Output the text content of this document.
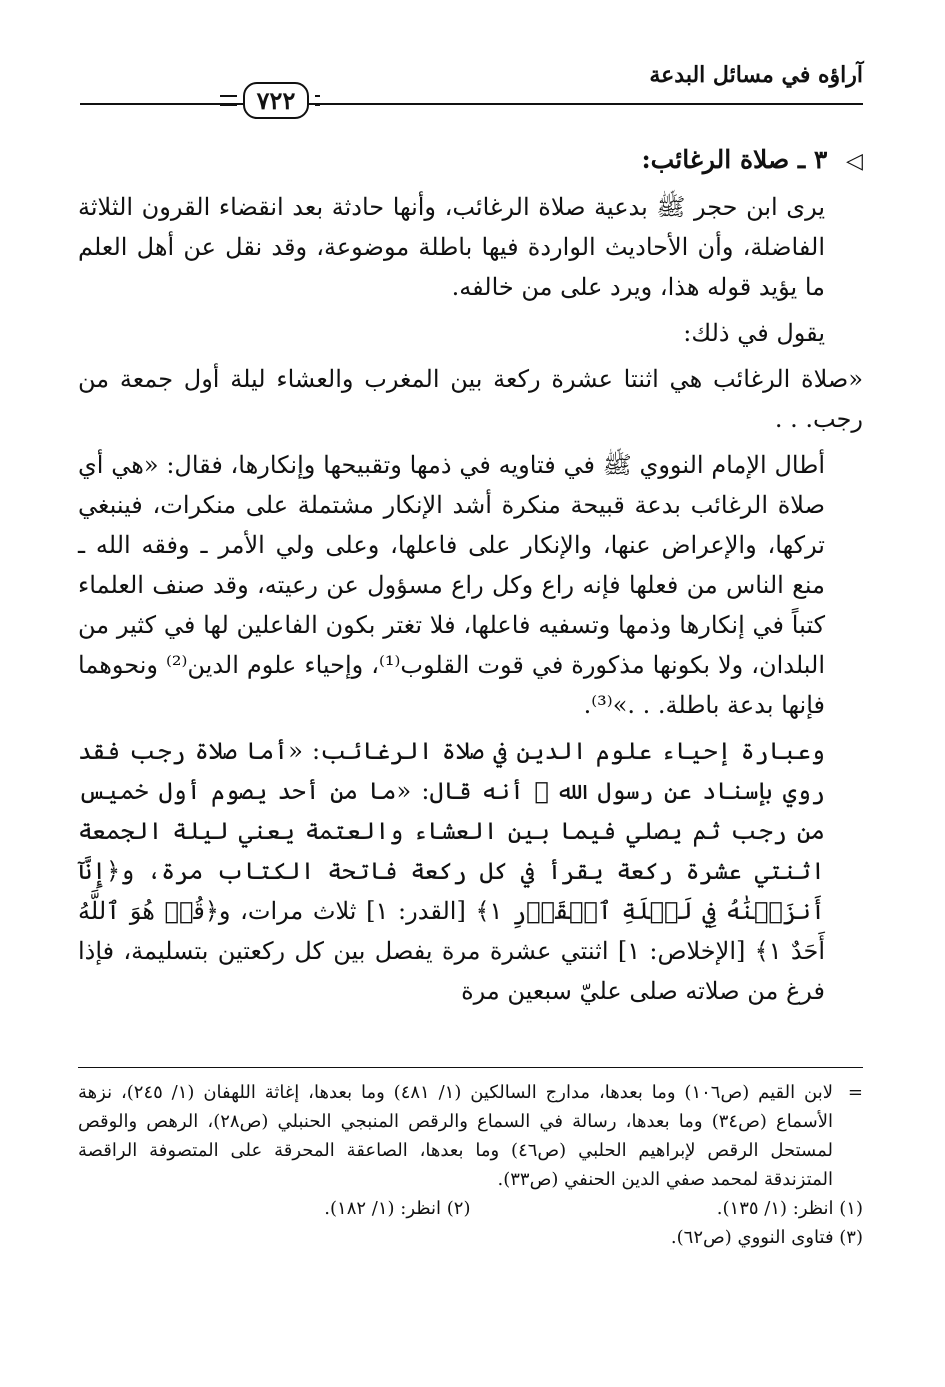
آراؤه في مسائل البدعة
٧٢٢
◁ ٣ ـ صلاة الرغائب:

يرى ابن حجر ﷺ بدعية صلاة الرغائب، وأنها حادثة بعد انقضاء القرون الثلاثة الفاضلة، وأن الأحاديث الواردة فيها باطلة موضوعة، وقد نقل عن أهل العلم ما يؤيد قوله هذا، ويرد على من خالفه.

يقول في ذلك:

«صلاة الرغائب هي اثنتا عشرة ركعة بين المغرب والعشاء ليلة أول جمعة من رجب. . .

أطال الإمام النووي ﷺ في فتاويه في ذمها وتقبيحها وإنكارها، فقال: «هي أي صلاة الرغائب بدعة قبيحة منكرة أشد الإنكار مشتملة على منكرات، فينبغي تركها، والإعراض عنها، والإنكار على فاعلها، وعلى ولي الأمر ـ وفقه الله ـ منع الناس من فعلها فإنه راع وكل راع مسؤول عن رعيته، وقد صنف العلماء كتباً في إنكارها وذمها وتسفيه فاعلها، فلا تغتر بكون الفاعلين لها في كثير من البلدان، ولا بكونها مذكورة في قوت القلوب⁽¹⁾، وإحياء علوم الدين⁽²⁾ ونحوهما فإنها بدعة باطلة. . .»⁽³⁾.

وعبارة إحياء علوم الدين في صلاة الرغائب: «أما صلاة رجب فقد روي بإسناد عن رسول الله ﷺ أنه قال: «ما من أحد يصوم أول خميس من رجب ثم يصلي فيما بين العشاء والعتمة يعني ليلة الجمعة اثنتي عشرة ركعة يقرأ في كل ركعة فاتحة الكتاب مرة، و﴿إِنَّآ أَنزَلۡنَٰهُ فِي لَيۡلَةِ ٱلۡقَدۡرِ ١﴾ [القدر: ١] ثلاث مرات، و﴿قُلۡ هُوَ ٱللَّهُ أَحَدٌ ١﴾ [الإخلاص: ١] اثنتي عشرة مرة يفصل بين كل ركعتين بتسليمة، فإذا فرغ من صلاته صلى عليّ سبعين مرة

=
لابن القيم (ص١٠٦) وما بعدها، مدارج السالكين (١/ ٤٨١) وما بعدها، إغاثة اللهفان (١/ ٢٤٥)، نزهة الأسماع (ص٣٤) وما بعدها، رسالة في السماع والرقص المنبجي الحنبلي (ص٢٨)، الرهص والوقص لمستحل الرقص لإبراهيم الحلبي (ص٤٦) وما بعدها، الصاعقة المحرقة على المتصوفة الراقصة المتزندقة لمحمد صفي الدين الحنفي (ص٣٣).
(١) انظر: (١/ ١٣٥).
(٢) انظر: (١/ ١٨٢).
(٣) فتاوى النووي (ص٦٢).
